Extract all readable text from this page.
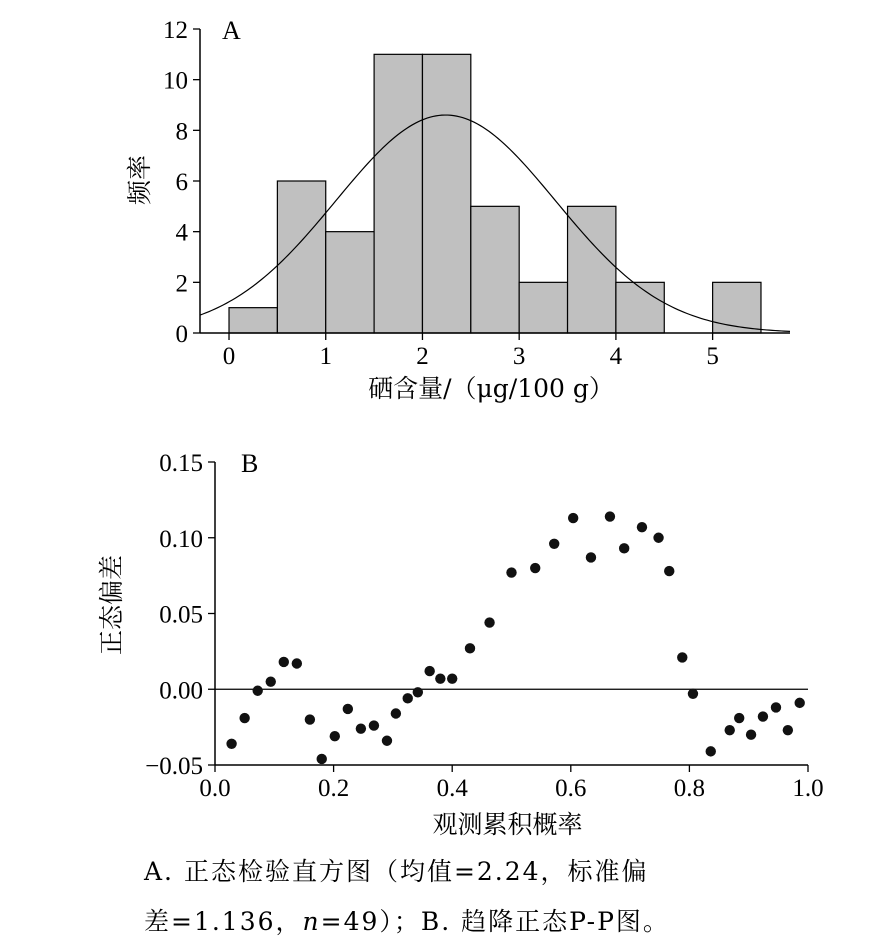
0	1	2	3	4	5
0
2
4
6
8
10
12 A
硒含量/（μg/100 g）
频率
0.0	0.2	0.4	0.6	0.8	1.0
−0.05
0.00
0.05
0.10
0.15 B
观测累积概率
正态偏差
A. 正态检验直方图（均值=2.24，标准偏
差=1.136，n=49）；B. 趋降正态P-P图。
